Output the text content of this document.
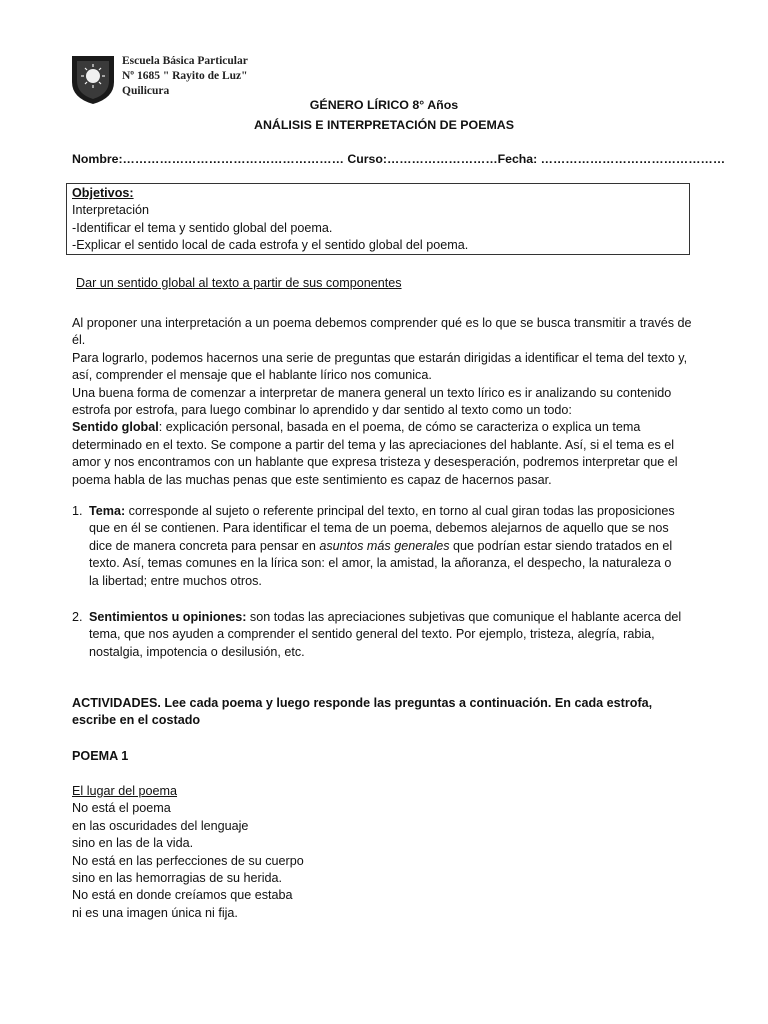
Escuela Básica Particular
Nº 1685 " Rayito de Luz"
Quilicura
GÉNERO LÍRICO 8° Años
ANÁLISIS E INTERPRETACIÓN DE POEMAS
Nombre:……………………………………………… Curso:………………………Fecha: ………………………………………
Objetivos:
Interpretación
-Identificar el tema y sentido global del poema.
-Explicar el sentido local de cada estrofa y el sentido global del poema.
Dar un sentido global al texto a partir de sus componentes

Al proponer una interpretación a un poema debemos comprender qué es lo que se busca transmitir a través de él.

Para lograrlo, podemos hacernos una serie de preguntas que estarán dirigidas a identificar el tema del texto y, así, comprender el mensaje que el hablante lírico nos comunica.

Una buena forma de comenzar a interpretar de manera general un texto lírico es ir analizando su contenido estrofa por estrofa, para luego combinar lo aprendido y dar sentido al texto como un todo:

Sentido global: explicación personal, basada en el poema, de cómo se caracteriza o explica un tema determinado en el texto. Se compone a partir del tema y las apreciaciones del hablante. Así, si el tema es el amor y nos encontramos con un hablante que expresa tristeza y desesperación, podremos interpretar que el poema habla de las muchas penas que este sentimiento es capaz de hacernos pasar.

1. Tema: corresponde al sujeto o referente principal del texto, en torno al cual giran todas las proposiciones que en él se contienen. Para identificar el tema de un poema, debemos alejarnos de aquello que se nos dice de manera concreta para pensar en asuntos más generales que podrían estar siendo tratados en el texto. Así, temas comunes en la lírica son: el amor, la amistad, la añoranza, el despecho, la naturaleza o la libertad; entre muchos otros.
2. Sentimientos u opiniones: son todas las apreciaciones subjetivas que comunique el hablante acerca del tema, que nos ayuden a comprender el sentido general del texto. Por ejemplo, tristeza, alegría, rabia, nostalgia, impotencia o desilusión, etc.
ACTIVIDADES. Lee cada poema y luego responde las preguntas a continuación. En cada estrofa, escribe en el costado
POEMA 1
El lugar del poema
No está el poema
en las oscuridades del lenguaje
sino en las de la vida.
No está en las perfecciones de su cuerpo
sino en las hemorragias de su herida.
No está en donde creíamos que estaba
ni es una imagen única ni fija.
